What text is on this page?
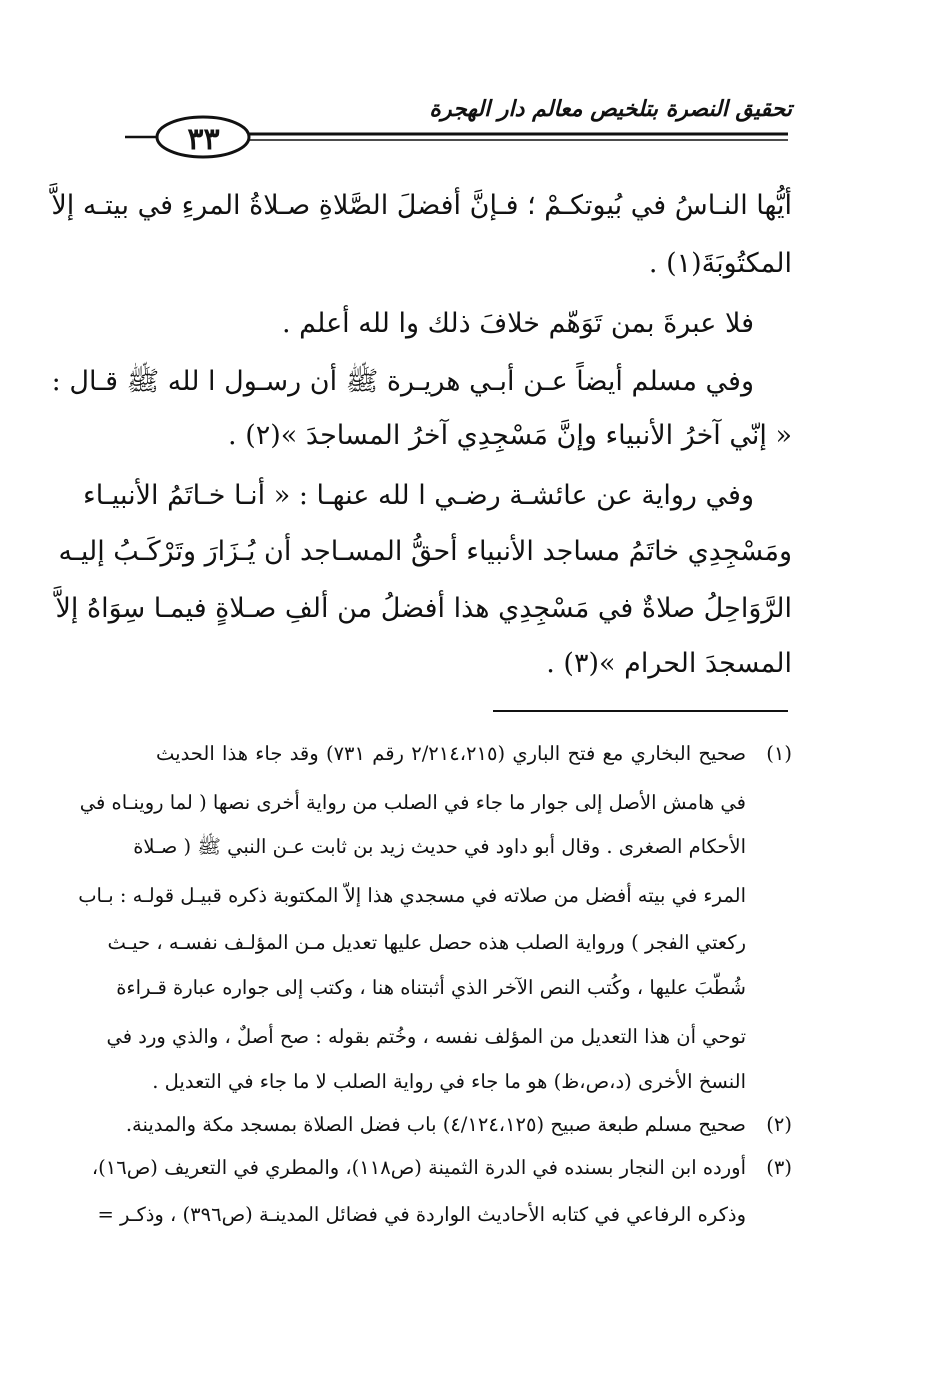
تحقيق النصرة بتلخيص معالم دار الهجرة
٣٣
أيُّها النـاسُ في بُيوتكـمْ ؛ فـإنَّ أفضلَ الصَّلاةِ صـلاةُ المرءِ في بيتـه إلاَّ
المكتُوبَةَ(١) .
فلا عبرةَ بمن تَوَهّم خلافَ ذلك وا لله أعلم .
وفي مسلم أيضاً عـن أبـي هريـرة ﷺ أن رسـول ا لله ﷺ قـال :
« إنّي آخرُ الأنبياء وإنَّ مَسْجِدِي آخرُ المساجدَ »(٢) .
وفي رواية عن عائشـة رضـي ا لله عنهـا : « أنـا خـاتَمُ الأنبيـاء
ومَسْجِدِي خاتَمُ مساجد الأنبياء أحقُّ المسـاجد أن يُـزَارَ وتَرْكَـبُ إليـه
الرَّوَاحِلُ صلاةٌ في مَسْجِدِي هذا أفضلُ من ألفِ صـلاةٍ فيمـا سِوَاهُ إلاَّ
المسجدَ الحرام »(٣) .
(١)
صحيح البخاري مع فتح الباري (٢/٢١٤،٢١٥ رقم ٧٣١) وقد جاء هذا الحديث
في هامش الأصل إلى جوار ما جاء في الصلب من رواية أخرى نصها ( لما روينـاه في
الأحكام الصغرى . وقال أبو داود في حديث زيد بن ثابت عـن النبي ﷺ ( صـلاة
المرء في بيته أفضل من صلاته في مسجدي هذا إلاّ المكتوبة ذكره قبيـل قولـه : بـاب
ركعتي الفجر ) ورواية الصلب هذه حصل عليها تعديل مـن المؤلـف نفسـه ، حيـث
شُطّبَ عليها ، وكُتب النص الآخر الذي أثبتناه هنا ، وكتب إلى جواره عبارة قـراءة
توحي أن هذا التعديل من المؤلف نفسه ، وخُتم بقوله : صح أصلٌ ، والذي ورد في
النسخ الأخرى (د،ص،ظ) هو ما جاء في رواية الصلب لا ما جاء في التعديل .
(٢)
صحيح مسلم طبعة صبيح (٤/١٢٤،١٢٥) باب فضل الصلاة بمسجد مكة والمدينة.
(٣)
أورده ابن النجار بسنده في الدرة الثمينة (ص١١٨)، والمطري في التعريف (ص١٦)،
وذكره الرفاعي في كتابه الأحاديث الواردة في فضائل المدينـة (ص٣٩٦) ، وذكـر =
